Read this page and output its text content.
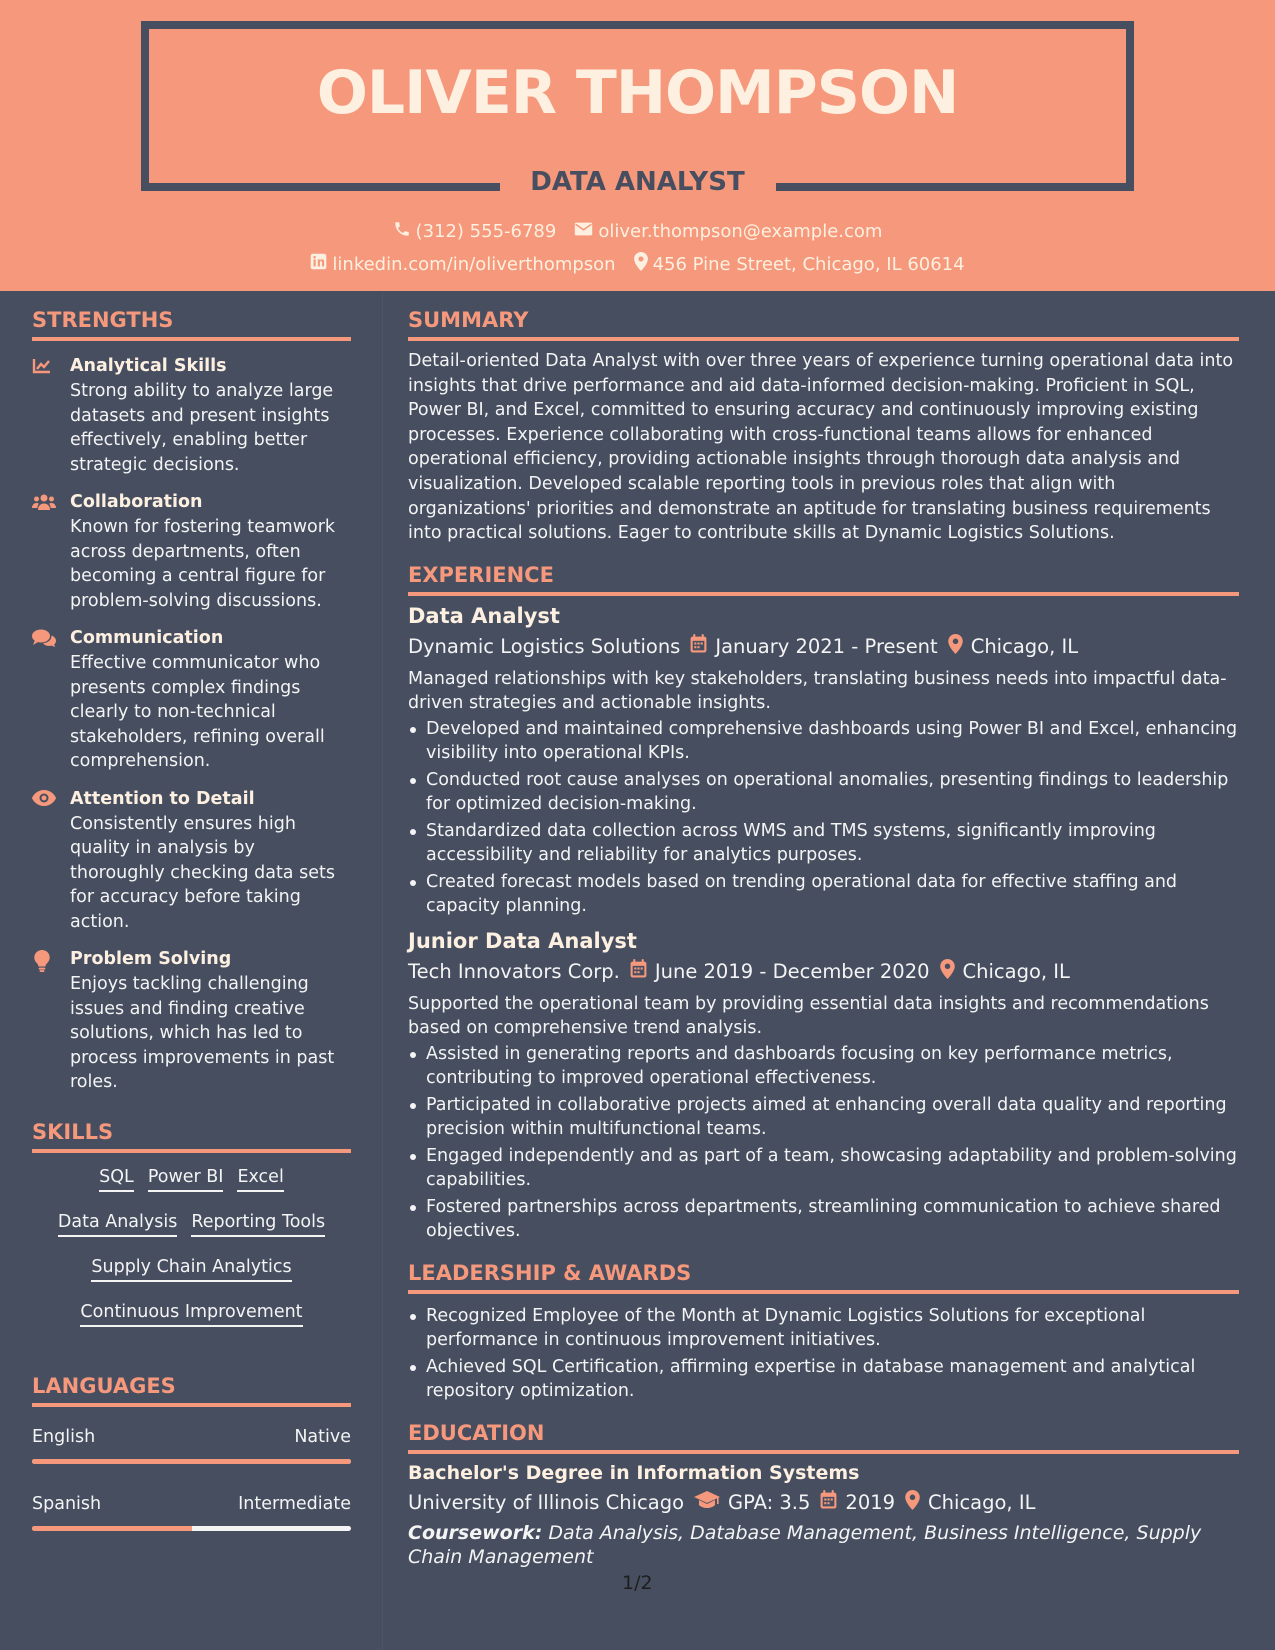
OLIVER THOMPSON
DATA ANALYST
(312) 555-6789 oliver.thompson@example.com
linkedin.com/in/oliverthompson 456 Pine Street, Chicago, IL 60614
STRENGTHS
Analytical Skills
Strong ability to analyze large datasets and present insights effectively, enabling better strategic decisions.
Collaboration
Known for fostering teamwork across departments, often becoming a central figure for problem-solving discussions.
Communication
Effective communicator who presents complex findings clearly to non-technical stakeholders, refining overall comprehension.
Attention to Detail
Consistently ensures high quality in analysis by thoroughly checking data sets for accuracy before taking action.
Problem Solving
Enjoys tackling challenging issues and finding creative solutions, which has led to process improvements in past roles.
SKILLS
SQL Power BI Excel
Data Analysis Reporting Tools
Supply Chain Analytics
Continuous Improvement
LANGUAGES
English	Native
Spanish	Intermediate
SUMMARY
Detail-oriented Data Analyst with over three years of experience turning operational data into insights that drive performance and aid data-informed decision-making. Proficient in SQL, Power BI, and Excel, committed to ensuring accuracy and continuously improving existing processes. Experience collaborating with cross-functional teams allows for enhanced operational efficiency, providing actionable insights through thorough data analysis and visualization. Developed scalable reporting tools in previous roles that align with organizations' priorities and demonstrate an aptitude for translating business requirements into practical solutions. Eager to contribute skills at Dynamic Logistics Solutions.
EXPERIENCE
Data Analyst
Dynamic Logistics Solutions January 2021 - Present Chicago, IL
Managed relationships with key stakeholders, translating business needs into impactful data-driven strategies and actionable insights.
Developed and maintained comprehensive dashboards using Power BI and Excel, enhancing visibility into operational KPIs.
Conducted root cause analyses on operational anomalies, presenting findings to leadership for optimized decision-making.
Standardized data collection across WMS and TMS systems, significantly improving accessibility and reliability for analytics purposes.
Created forecast models based on trending operational data for effective staffing and capacity planning.
Junior Data Analyst
Tech Innovators Corp. June 2019 - December 2020 Chicago, IL
Supported the operational team by providing essential data insights and recommendations based on comprehensive trend analysis.
Assisted in generating reports and dashboards focusing on key performance metrics, contributing to improved operational effectiveness.
Participated in collaborative projects aimed at enhancing overall data quality and reporting precision within multifunctional teams.
Engaged independently and as part of a team, showcasing adaptability and problem-solving capabilities.
Fostered partnerships across departments, streamlining communication to achieve shared objectives.
LEADERSHIP & AWARDS
Recognized Employee of the Month at Dynamic Logistics Solutions for exceptional performance in continuous improvement initiatives.
Achieved SQL Certification, affirming expertise in database management and analytical repository optimization.
EDUCATION
Bachelor's Degree in Information Systems
University of Illinois Chicago GPA: 3.5 2019 Chicago, IL
Coursework: Data Analysis, Database Management, Business Intelligence, Supply Chain Management
1/2
